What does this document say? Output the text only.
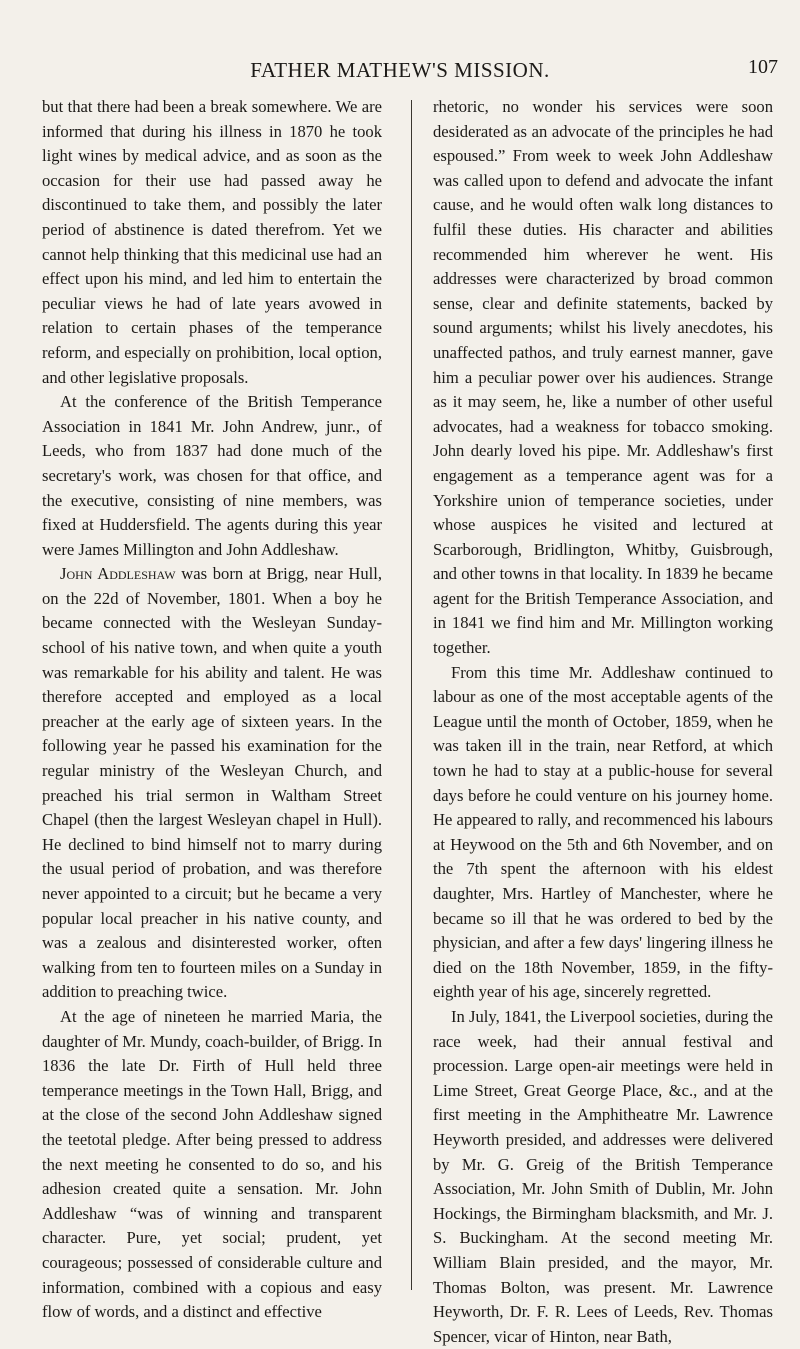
FATHER MATHEW'S MISSION.	107

but that there had been a break somewhere. We are informed that during his illness in 1870 he took light wines by medical advice, and as soon as the occasion for their use had passed away he discontinued to take them, and possibly the later period of abstinence is dated therefrom. Yet we cannot help thinking that this medicinal use had an effect upon his mind, and led him to entertain the peculiar views he had of late years avowed in relation to certain phases of the temperance reform, and especially on prohibition, local option, and other legislative proposals.

At the conference of the British Temperance Association in 1841 Mr. John Andrew, junr., of Leeds, who from 1837 had done much of the secretary's work, was chosen for that office, and the executive, consisting of nine members, was fixed at Huddersfield. The agents during this year were James Millington and John Addleshaw.

John Addleshaw was born at Brigg, near Hull, on the 22d of November, 1801. When a boy he became connected with the Wesleyan Sunday-school of his native town, and when quite a youth was remarkable for his ability and talent. He was therefore accepted and employed as a local preacher at the early age of sixteen years. In the following year he passed his examination for the regular ministry of the Wesleyan Church, and preached his trial sermon in Waltham Street Chapel (then the largest Wesleyan chapel in Hull). He declined to bind himself not to marry during the usual period of probation, and was therefore never appointed to a circuit; but he became a very popular local preacher in his native county, and was a zealous and disinterested worker, often walking from ten to fourteen miles on a Sunday in addition to preaching twice.

At the age of nineteen he married Maria, the daughter of Mr. Mundy, coach-builder, of Brigg. In 1836 the late Dr. Firth of Hull held three temperance meetings in the Town Hall, Brigg, and at the close of the second John Addleshaw signed the teetotal pledge. After being pressed to address the next meeting he consented to do so, and his adhesion created quite a sensation. Mr. John Addleshaw “was of winning and transparent character. Pure, yet social; prudent, yet courageous; possessed of considerable culture and information, combined with a copious and easy flow of words, and a distinct and effective

rhetoric, no wonder his services were soon desiderated as an advocate of the principles he had espoused.” From week to week John Addleshaw was called upon to defend and advocate the infant cause, and he would often walk long distances to fulfil these duties. His character and abilities recommended him wherever he went. His addresses were characterized by broad common sense, clear and definite statements, backed by sound arguments; whilst his lively anecdotes, his unaffected pathos, and truly earnest manner, gave him a peculiar power over his audiences. Strange as it may seem, he, like a number of other useful advocates, had a weakness for tobacco smoking. John dearly loved his pipe. Mr. Addleshaw's first engagement as a temperance agent was for a Yorkshire union of temperance societies, under whose auspices he visited and lectured at Scarborough, Bridlington, Whitby, Guisbrough, and other towns in that locality. In 1839 he became agent for the British Temperance Association, and in 1841 we find him and Mr. Millington working together.

From this time Mr. Addleshaw continued to labour as one of the most acceptable agents of the League until the month of October, 1859, when he was taken ill in the train, near Retford, at which town he had to stay at a public-house for several days before he could venture on his journey home. He appeared to rally, and recommenced his labours at Heywood on the 5th and 6th November, and on the 7th spent the afternoon with his eldest daughter, Mrs. Hartley of Manchester, where he became so ill that he was ordered to bed by the physician, and after a few days' lingering illness he died on the 18th November, 1859, in the fifty-eighth year of his age, sincerely regretted.

In July, 1841, the Liverpool societies, during the race week, had their annual festival and procession. Large open-air meetings were held in Lime Street, Great George Place, &c., and at the first meeting in the Amphitheatre Mr. Lawrence Heyworth presided, and addresses were delivered by Mr. G. Greig of the British Temperance Association, Mr. John Smith of Dublin, Mr. John Hockings, the Birmingham blacksmith, and Mr. J. S. Buckingham. At the second meeting Mr. William Blain presided, and the mayor, Mr. Thomas Bolton, was present. Mr. Lawrence Heyworth, Dr. F. R. Lees of Leeds, Rev. Thomas Spencer, vicar of Hinton, near Bath,
